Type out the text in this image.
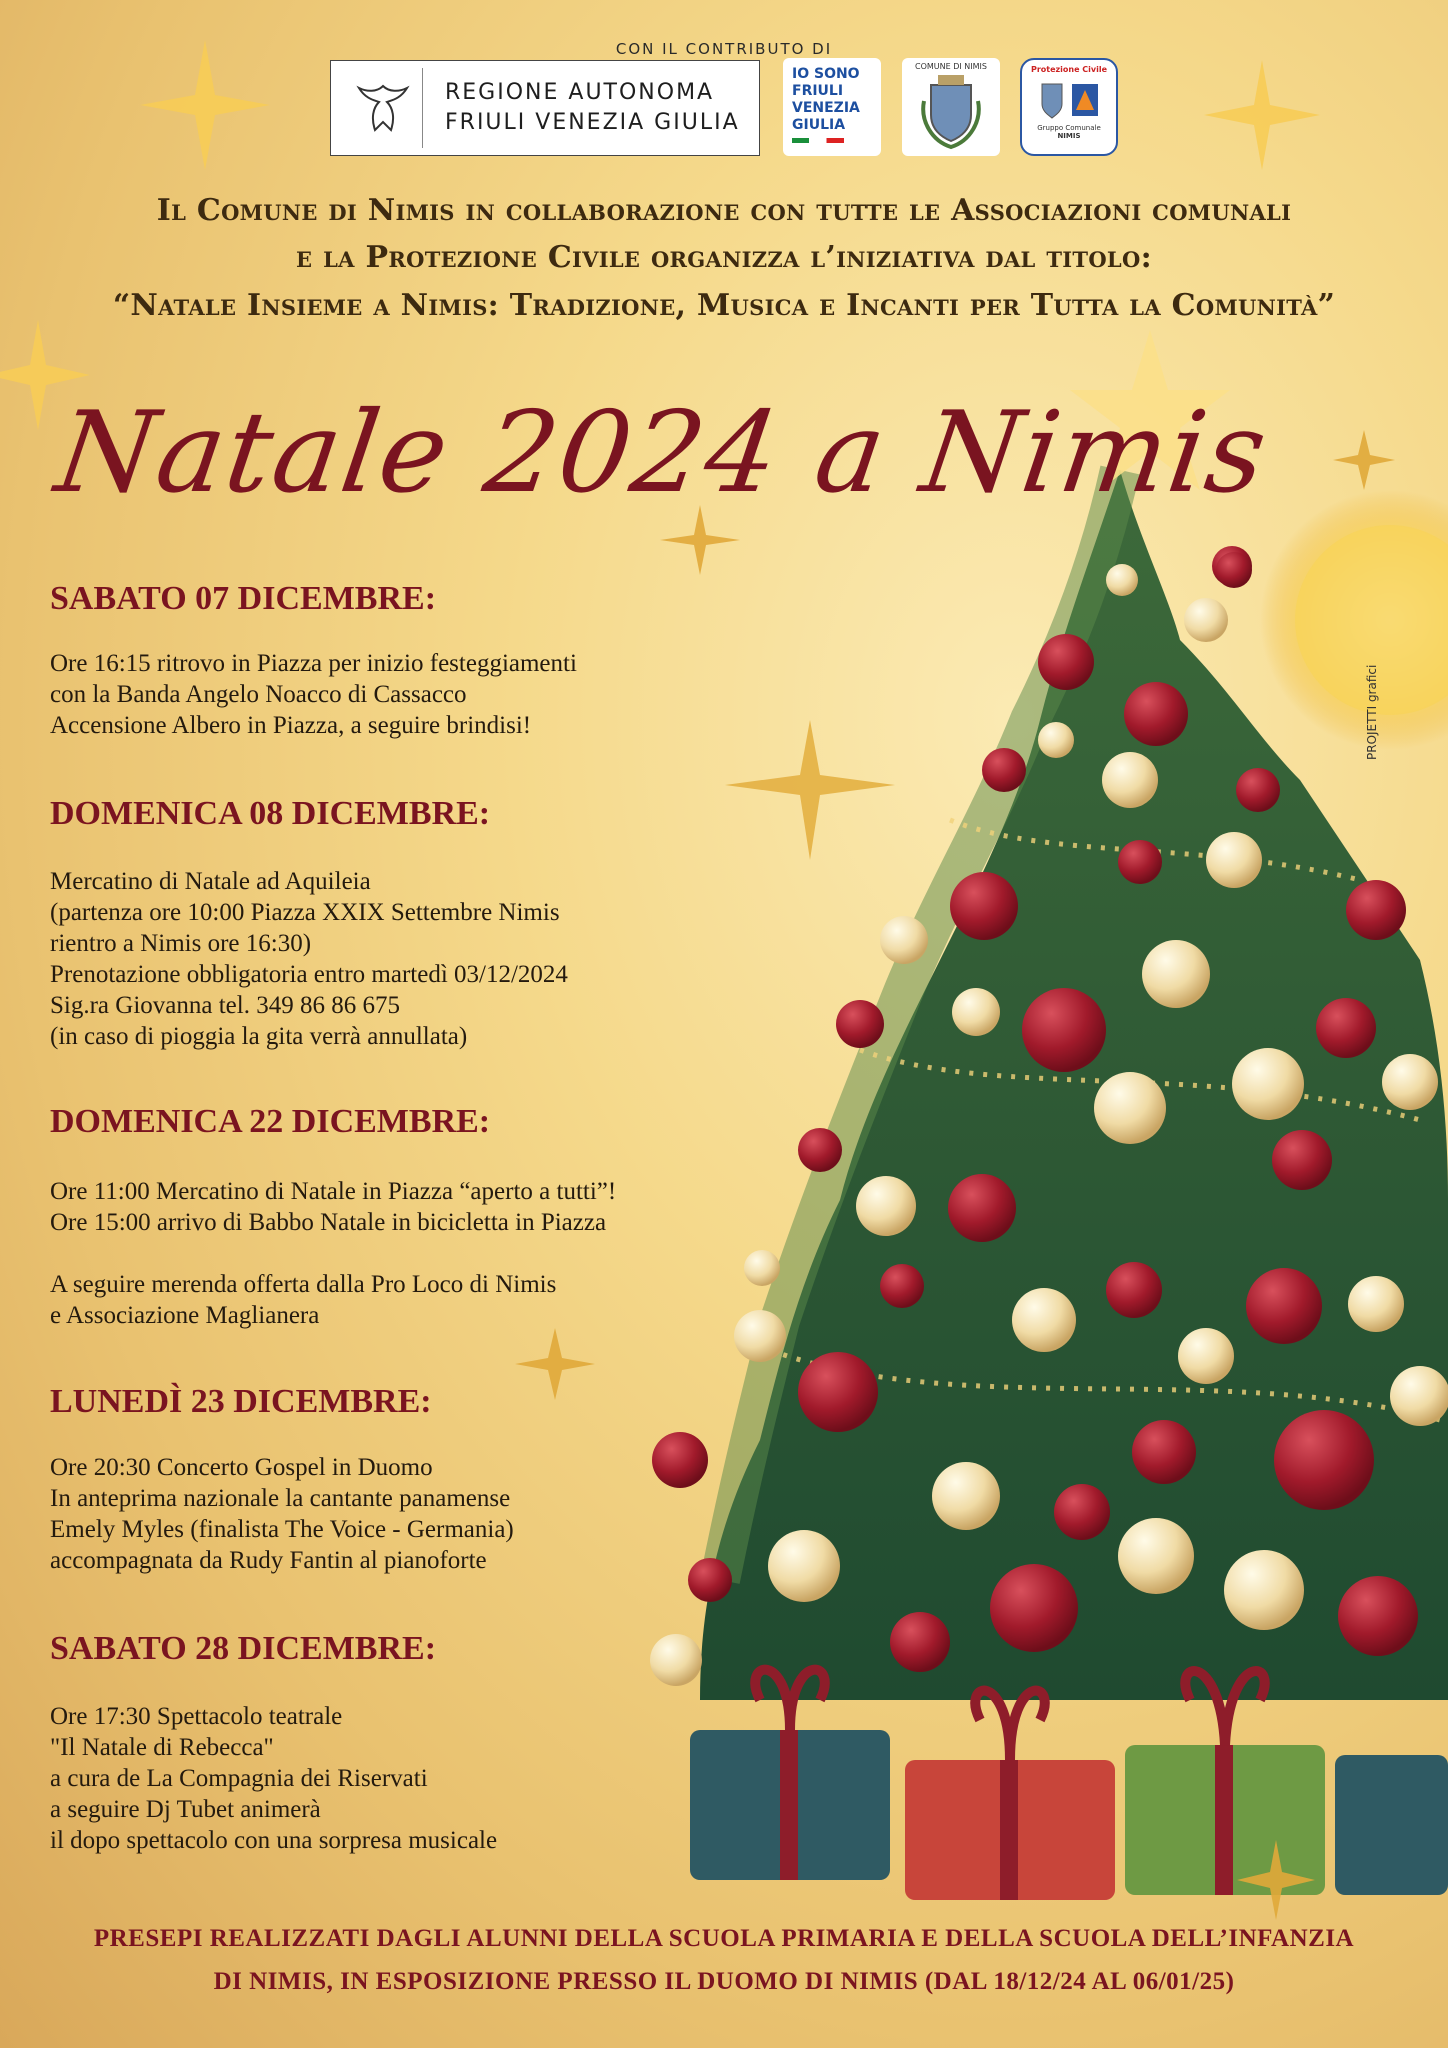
CON IL CONTRIBUTO DI
REGIONE AUTONOMA
FRIULI VENEZIA GIULIA
IO SONO
FRIULI
VENEZIA
GIULIA
COMUNE DI NIMIS	Protezione Civile
Gruppo Comunale
NIMIS
Il Comune di Nimis in collaborazione con tutte le Associazioni comunali
e la Protezione Civile organizza l’iniziativa dal titolo:
“Natale Insieme a Nimis: Tradizione, Musica e Incanti per Tutta la Comunità”
Natale 2024 a Nimis
SABATO 07 DICEMBRE:
Ore 16:15 ritrovo in Piazza per inizio festeggiamenti
con la Banda Angelo Noacco di Cassacco
Accensione Albero in Piazza, a seguire brindisi!
DOMENICA 08 DICEMBRE:
Mercatino di Natale ad Aquileia
(partenza ore 10:00 Piazza XXIX Settembre Nimis
rientro a Nimis ore 16:30)
Prenotazione obbligatoria entro martedì 03/12/2024
Sig.ra Giovanna tel. 349 86 86 675
(in caso di pioggia la gita verrà annullata)
DOMENICA 22 DICEMBRE:
Ore 11:00 Mercatino di Natale in Piazza “aperto a tutti”!
Ore 15:00 arrivo di Babbo Natale in bicicletta in Piazza
A seguire merenda offerta dalla Pro Loco di Nimis
e Associazione Maglianera
LUNEDÌ 23 DICEMBRE:
Ore 20:30 Concerto Gospel in Duomo
In anteprima nazionale la cantante panamense
Emely Myles (finalista The Voice - Germania)
accompagnata da Rudy Fantin al pianoforte
SABATO 28 DICEMBRE:
Ore 17:30 Spettacolo teatrale
"Il Natale di Rebecca"
a cura de La Compagnia dei Riservati
a seguire Dj Tubet animerà
il dopo spettacolo con una sorpresa musicale
PRESEPI REALIZZATI DAGLI ALUNNI DELLA SCUOLA PRIMARIA E DELLA SCUOLA DELL’INFANZIA
DI NIMIS, IN ESPOSIZIONE PRESSO IL DUOMO DI NIMIS (DAL 18/12/24 AL 06/01/25)
PROJETTI grafici
